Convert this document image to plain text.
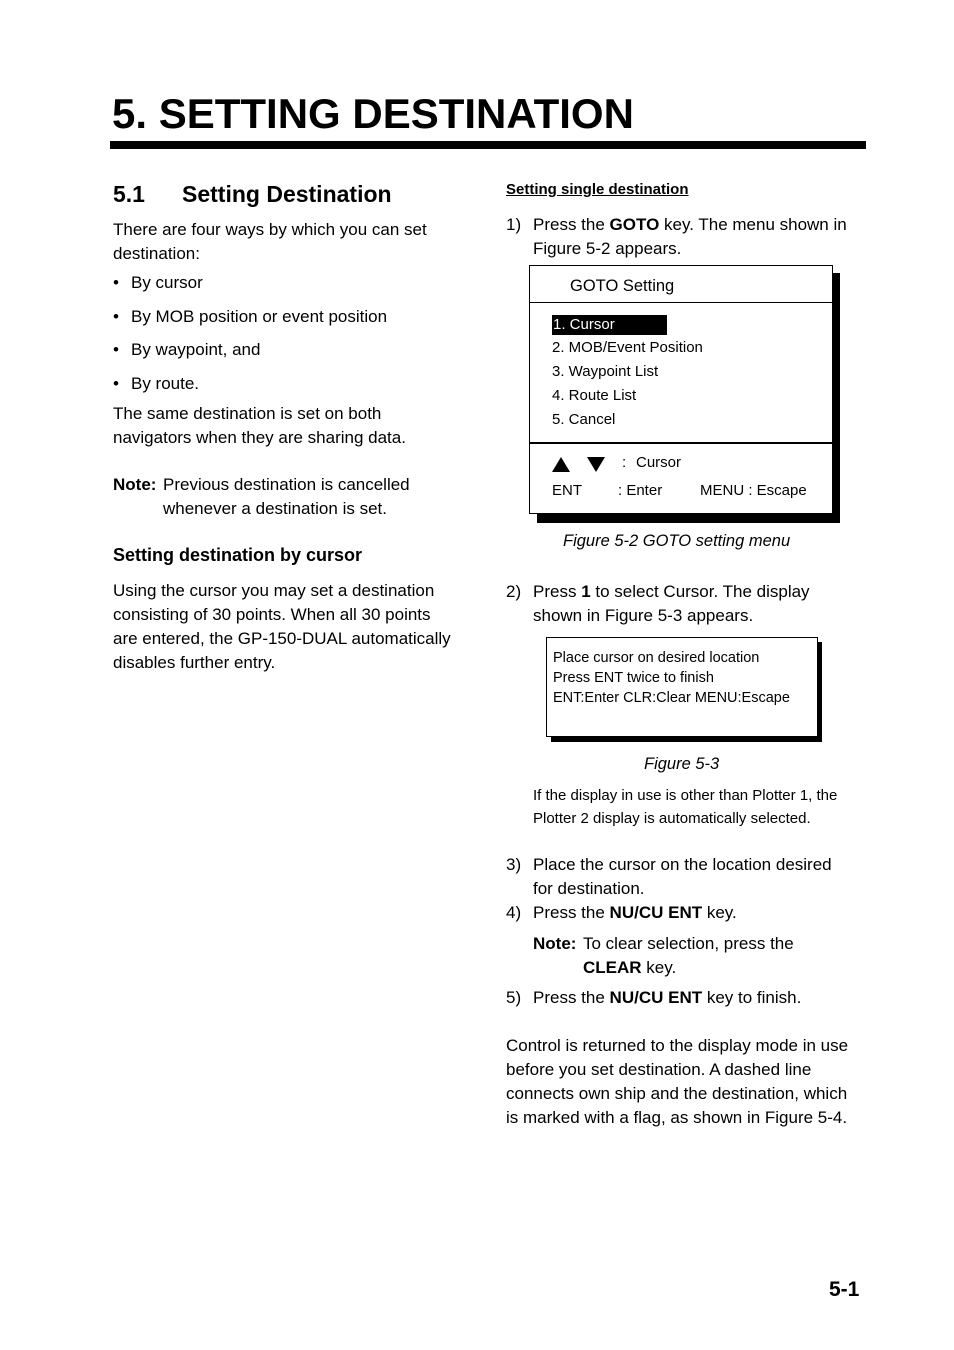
5. SETTING DESTINATION
5.1 Setting Destination
There are four ways by which you can set
destination:
• By cursor
• By MOB position or event position
• By waypoint, and
• By route.
The same destination is set on both
navigators when they are sharing data.
Note: Previous destination is cancelled
whenever a destination is set.
Setting destination by cursor
Using the cursor you may set a destination
consisting of 30 points. When all 30 points
are entered, the GP-150-DUAL automatically
disables further entry.
Setting single destination
1) Press the GOTO key. The menu shown in
Figure 5-2 appears.
GOTO Setting
1. Cursor
2. MOB/Event Position
3. Waypoint List
4. Route List
5. Cancel
: Cursor
ENT : Enter	MENU : Escape
Figure 5-2 GOTO setting menu
2) Press 1 to select Cursor. The display
shown in Figure 5-3 appears.
Place cursor on desired location
Press ENT twice to finish
ENT:Enter CLR:Clear MENU:Escape
Figure 5-3
If the display in use is other than Plotter 1, the
Plotter 2 display is automatically selected.
3) Place the cursor on the location desired
for destination.
4) Press the NU/CU ENT key.
Note: To clear selection, press the
CLEAR key.
5) Press the NU/CU ENT key to finish.
Control is returned to the display mode in use
before you set destination. A dashed line
connects own ship and the destination, which
is marked with a flag, as shown in Figure 5-4.
5-1
